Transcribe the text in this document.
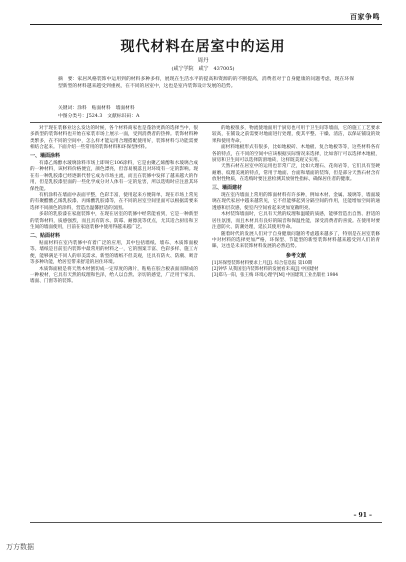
百家争鸣
现代材料在居室中的运用
周丹
(咸宁学院　咸宁　437005)
摘　要：家居风格装饰中运用到的材料多种多样，展现在生活水平的提高和资源的的不断提高，消费者对于自身健康的问题考虑，现在环保型新型的材料越来越受到重视，在不同的居室中，这也是室内装饰设计发展的趋势。
关键词：涂料　贴面材料　墙面材料
中图分类号：J524.3　文献标识码：A

对于现在装修业这么发达的时候，各个材料商家也是蓬勃更新的选择当中，很多新型的装饰材料也开始在家装市场上展示一面，受到消费者的热捧。装饰材料种类繁多，在不同的空间中，怎么样才能运用合理搭配使用好，装饰材料与功能需要相结合起来。下面介绍一些常用的装饰材料和环保型材料。

一、墙面涂料

有漆乙烯醇水玻璃涂料市场上即叫它106涂料，它是由聚乙烯醇和水玻璃合成的一种材料，该材料价格便宜，颜色漂亮，但容易脱落且对环境有一定的影响。现在有一种乳胶漆已经逐渐代替它成为市场主流，而且在装修中发挥了越来越大的作用，但是乳胶漆里面的一些化学成分对人体有一定的危害，所以选购时应注意其环保性能。

有机涂料在墙面中表面平整，色彩丰富，使用起来方便简单，现在市场上常见的有聚醋酸乙烯乳胶漆、丙烯酸乳胶漆等，在不同的居室空间里面可以根据需要来选择不同颜色的涂料，营造出温馨舒适的氛围。

多彩的乳胶漆在家庭装饰中，在现在居室的装修中经常能看到，它是一种新型的装饰材料，质感强烈，而且具有防水、防霉、耐擦洗等优点，尤其适合厨房和卫生间的墙面使用，目前在家庭装修中使用得越来越广泛。

二、贴面材料

贴面材料在室内装修中有着广泛的应用，其中包括墙纸、墙布、木质饰面板等。墙纸是目前室内装饰中最常用的材料之一，它的图案丰富、色彩多样、施工方便，能够满足不同人的审美需求。新型的墙纸不但美观，还具有防火、防潮、吸音等多种功能，给居室带来舒适的居住环境。

木质饰面板是将天然木材刨切成一定厚度的薄片，粘贴在胶合板表面而制成的一种板材，它具有天然的纹理和色泽，给人以自然、亲切的感觉，广泛用于家具、墙面、门窗等的装饰。

的地板很多，物流使地面用于厨房也可用于卫生间等墙面，它的施工工艺要求较高，在铺设之前需要对地面进行处理，使其平整、干燥、清洁，以保证铺设的效果和使用寿命。

面材料地板形式有很多，比如地板砖、木地板、复合地板等等，这些材料各有各的特点，在不同的空间中应该根据实际情况来选择，比如客厅可以选择木地板，厨房和卫生间可以选择防滑地砖，这样既美观又实用。

天然石材在居室中的运用也非常广泛，比如大理石、花岗岩等，它们具有坚硬耐磨、纹理美观的特点，常用于地面、台面和墙面的装饰，但是部分天然石材含有放射性物质，在选购时要注意检测其放射性指标，确保居住者的健康。

三、墙面建材

现在室内墙面上常用的饰面材料有许多种，例如木材、金属、玻璃等，墙面玻璃在现代家居中越来越常见，它不但能够起到分隔空间的作用，还能增加空间的通透感和层次感，使室内空间看起来更加宽敞明亮。

木材装饰墙面时，它具有天然的纹理和温暖的质感，能够营造出自然、舒适的居住氛围，而且木材具有良好的隔音和保温性能，深受消费者的喜爱。在使用时要注意防火、防潮处理，延长其使用寿命。

随着时代的发展人们对于自身健康问题的考虑越来越多了，特别是在居室装修中对材料的选择更加严格，环保型、节能型的新型装饰材料越来越受到人们的青睐，这也是未来装饰材料发展的必然趋势。

参考文献
[1]环保型装饰材料要求上月[J]. 综合信息报 第10期
[2]钟华 从我国室内装饰材料的发展看未来[J] 中国建材
[3]郑马一阳，张王梅 环境心理学[M] 中国建筑工业出版社 1984
– 91 –
万方数据
